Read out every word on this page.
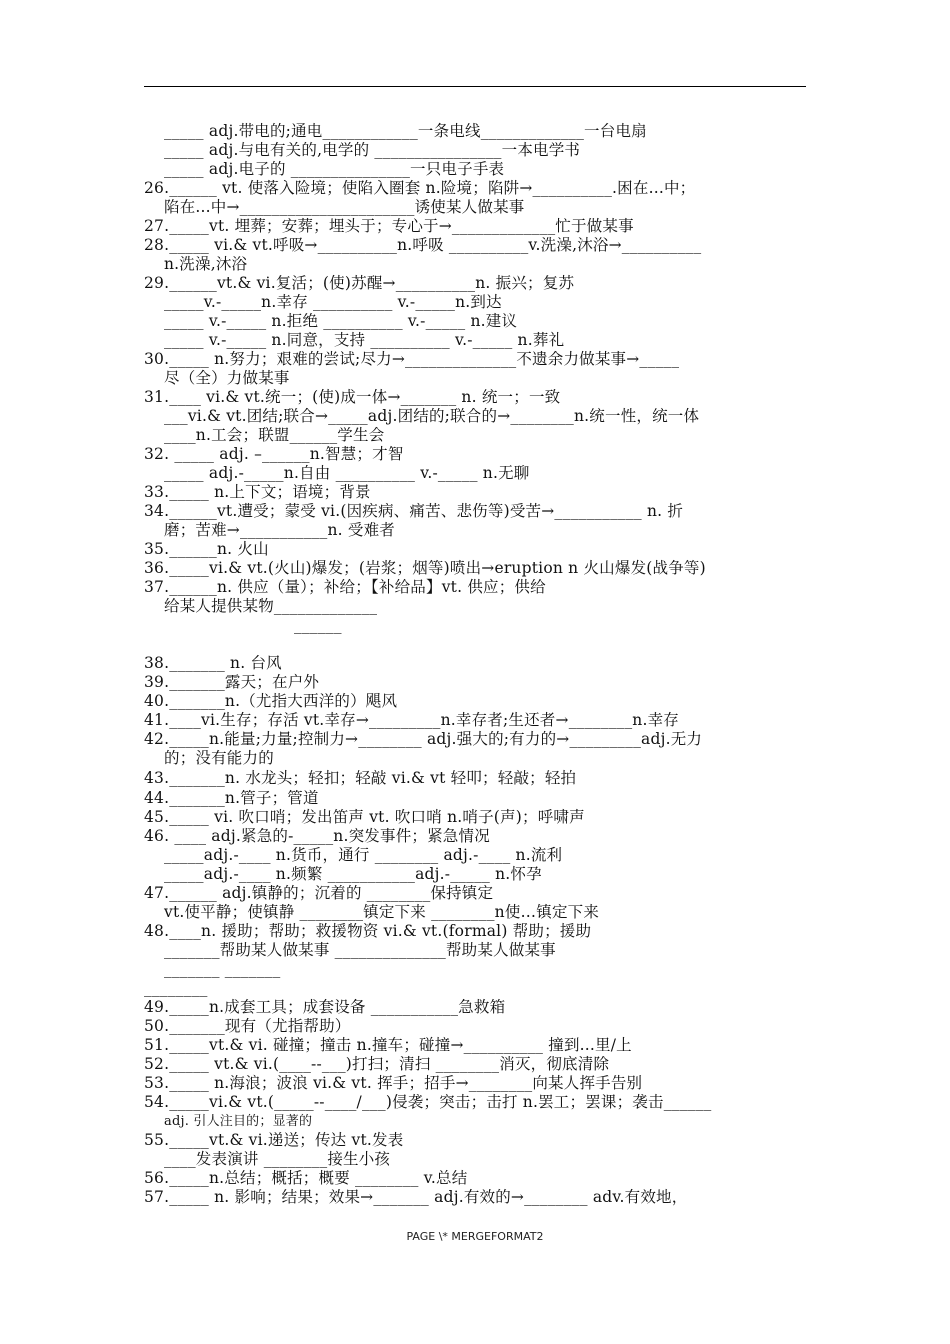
_____ adj.带电的;通电____________一条电线_____________一台电扇
_____ adj.与电有关的,电学的 ________________一本电学书
_____ adj.电子的 _______________一只电子手表
26.______ vt. 使落入险境；使陷入圈套 n.险境；陷阱→__________.困在...中；
陷在...中→______________________诱使某人做某事
27._____vt. 埋葬；安葬；埋头于；专心于→_____________忙于做某事
28._____ vi.& vt.呼吸→__________n.呼吸 __________v.洗澡,沐浴→__________
n.洗澡,沐浴
29.______vt.& vi.复活；(使)苏醒→__________n. 振兴；复苏
_____v.-_____n.幸存 __________ v.-_____n.到达
_____ v.-_____ n.拒绝 __________ v.-_____ n.建议
_____ v.-_____ n.同意，支持 __________ v.-_____ n.葬礼
30._____ n.努力；艰难的尝试;尽力→______________不遗余力做某事→_____
尽（全）力做某事
31.____ vi.& vt.统一；(使)成一体→_______ n. 统一；一致
___vi.& vt.团结;联合→_____adj.团结的;联合的→________n.统一性，统一体
____n.工会；联盟______学生会
32. _____ adj. –______n.智慧；才智
_____ adj.-_____n.自由 __________ v.-_____ n.无聊
33._____ n.上下文；语境；背景
34.______vt.遭受；蒙受 vi.(因疾病、痛苦、悲伤等)受苦→___________ n. 折
磨；苦难→___________n. 受难者
35.______n. 火山
36._____vi.& vt.(火山)爆发；(岩浆；烟等)喷出→eruption n 火山爆发(战争等)
37.______n. 供应（量）；补给；【补给品】vt. 供应；供给
给某人提供某物_____________
______
38._______ n. 台风
39._______露天；在户外
40._______n.（尤指大西洋的）飓风
41.____vi.生存；存活 vt.幸存→_________n.幸存者;生还者→________n.幸存
42._____n.能量;力量;控制力→________ adj.强大的;有力的→_________adj.无力
的；没有能力的
43._______n. 水龙头；轻扣；轻敲 vi.& vt 轻叩；轻敲；轻拍
44._______n.管子；管道
45._____ vi. 吹口哨；发出笛声 vt. 吹口哨 n.哨子(声)；呼啸声
46. ____ adj.紧急的-_____n.突发事件；紧急情况
_____adj.-____ n.货币，通行 ________ adj.-____ n.流利
_____adj.-____ n.频繁 ___________adj.-_____ n.怀孕
47.______ adj.镇静的；沉着的 ________保持镇定
vt.使平静；使镇静 ________镇定下来 ________n使…镇定下来
48.____n. 援助；帮助；救援物资 vi.& vt.(formal) 帮助；援助
_______帮助某人做某事 ______________帮助某人做某事
_______ _______
________
49._____n.成套工具；成套设备 ___________急救箱
50._______现有（尤指帮助）
51._____vt.& vi. 碰撞；撞击 n.撞车；碰撞→__________ 撞到...里/上
52._____ vt.& vi.(____--___)打扫；清扫 ________消灭，彻底清除
53._____ n.海浪；波浪 vi.& vt. 挥手；招手→________向某人挥手告别
54._____vi.& vt.(_____--____/___)侵袭；突击；击打 n.罢工；罢课；袭击______
adj. 引人注目的；显著的
55._____vt.& vi.递送；传达 vt.发表
____发表演讲 ________接生小孩
56._____n.总结；概括；概要 ________ v.总结
57._____ n. 影响；结果；效果→_______ adj.有效的→________ adv.有效地，
PAGE \* MERGEFORMAT2
